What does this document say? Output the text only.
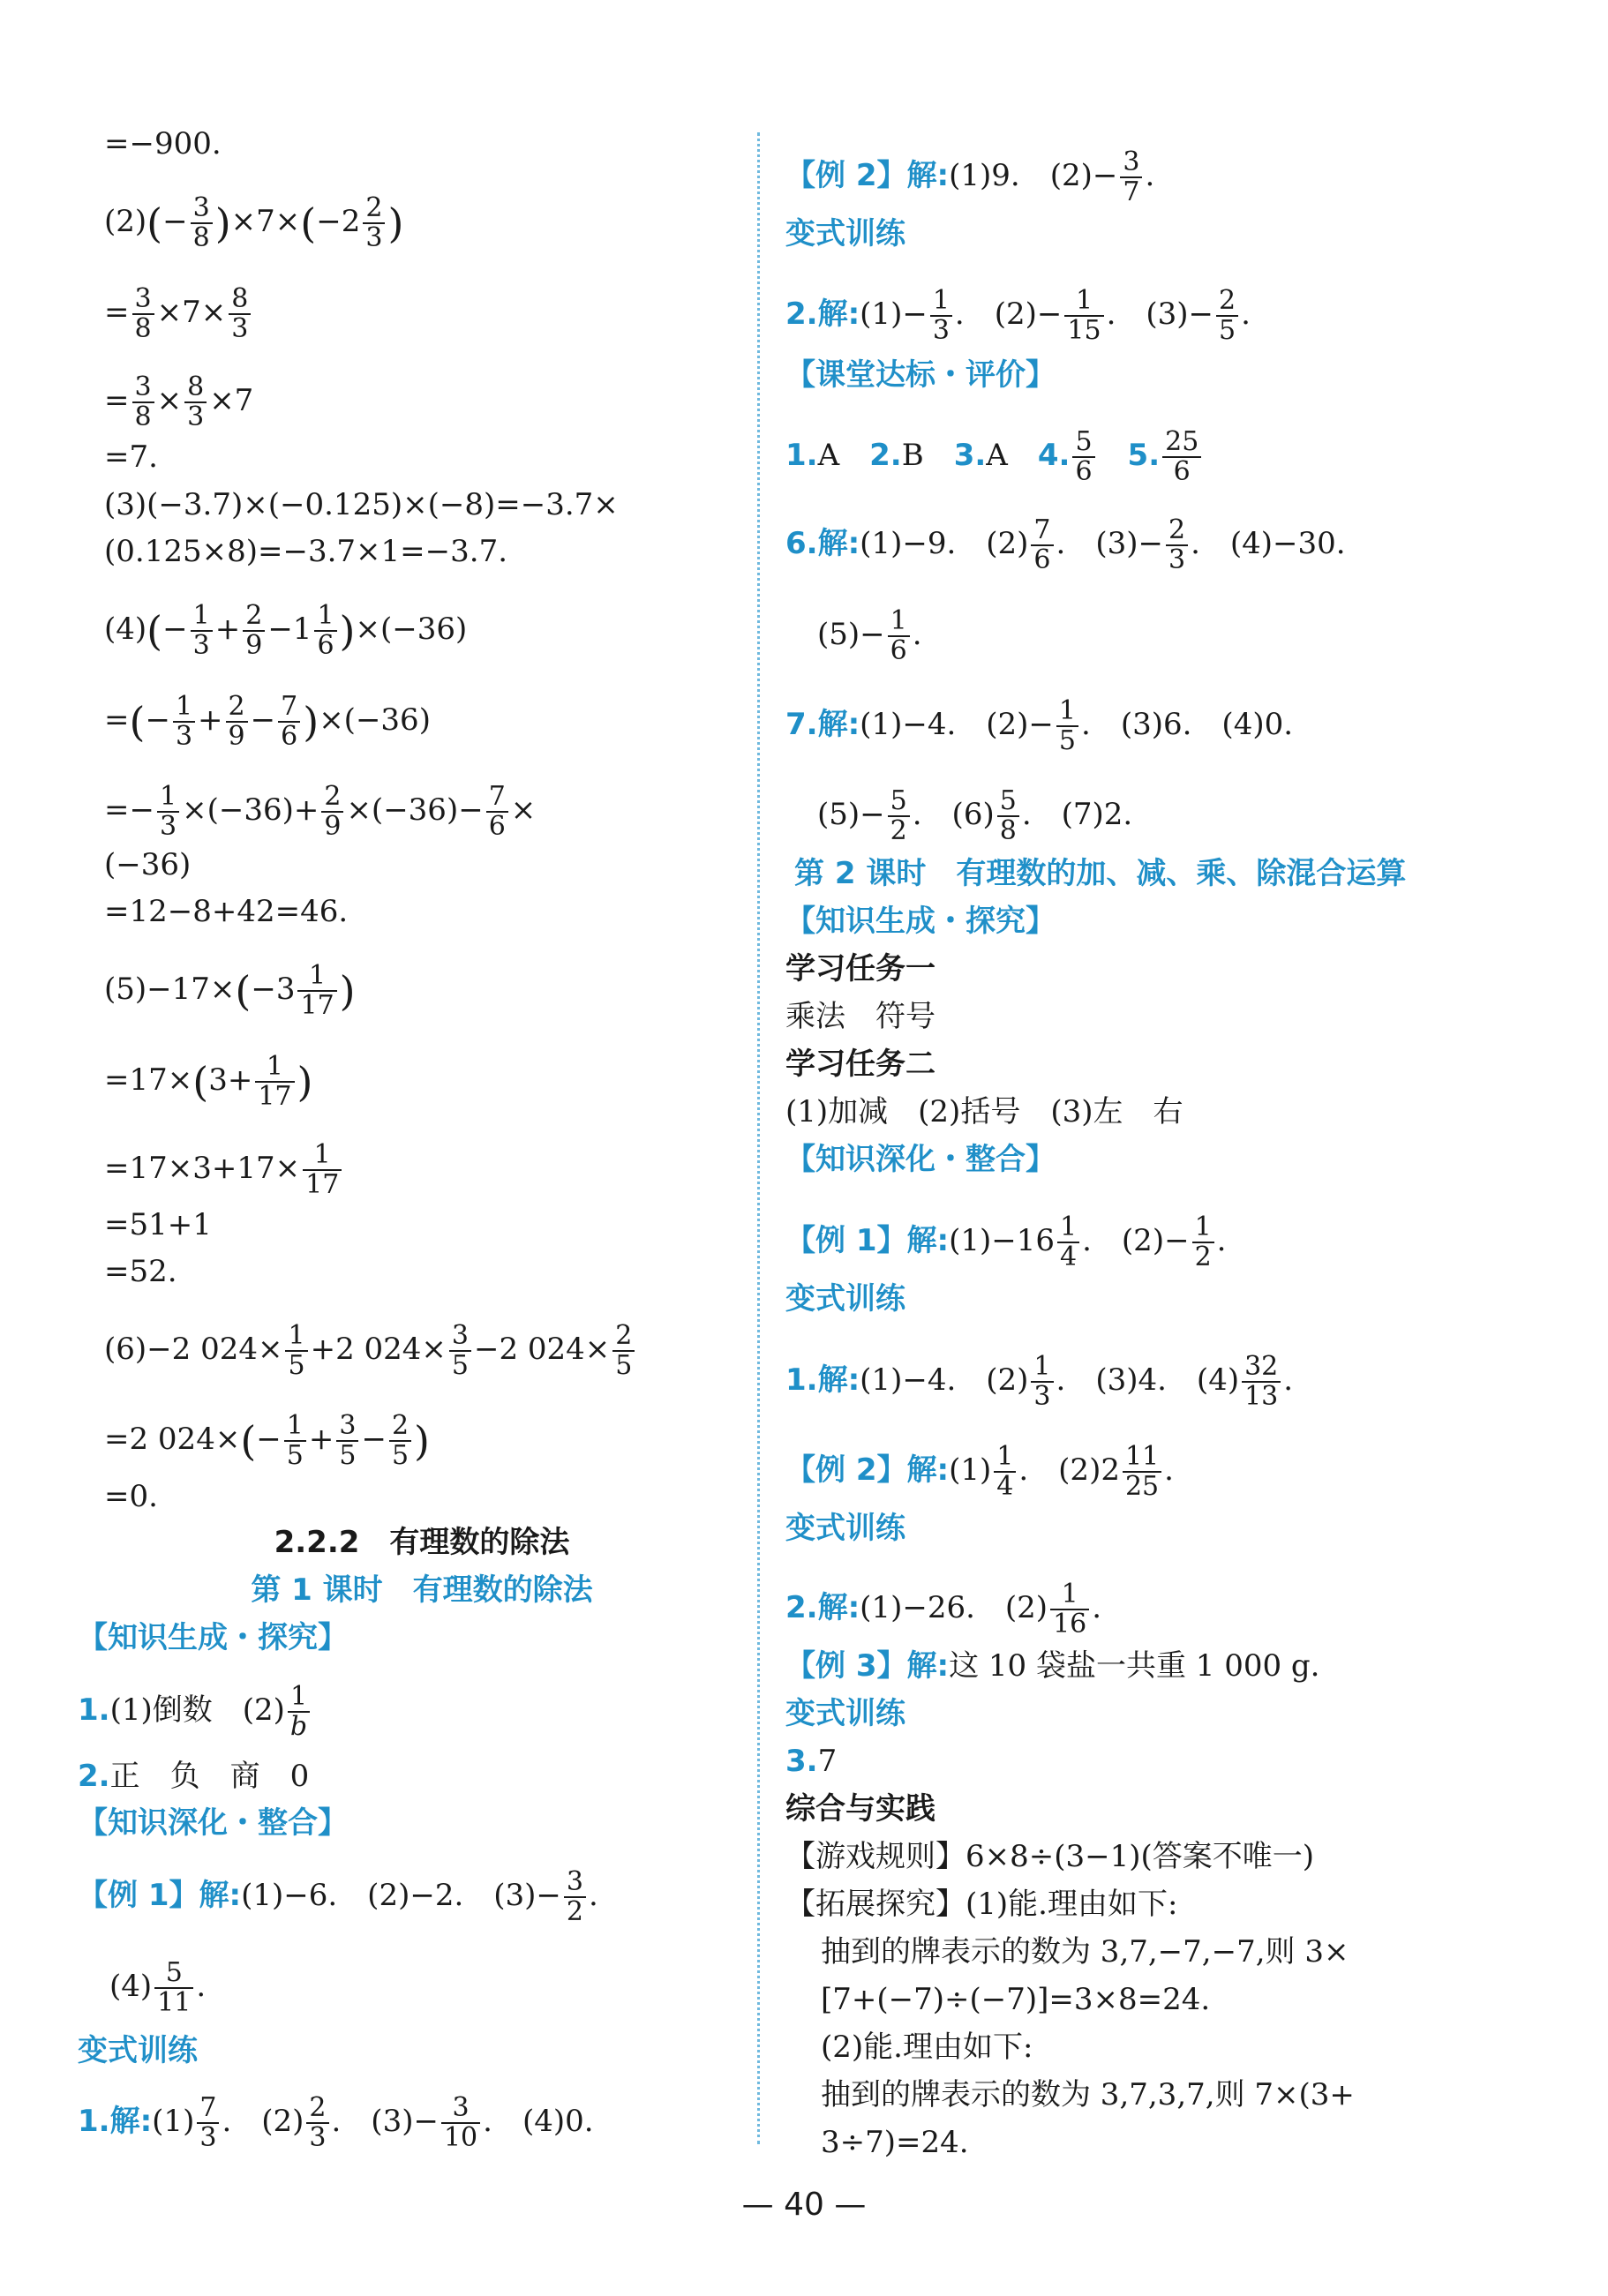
=−900.
$(2)(- \frac{3}{8} )\times 7\times(-2 \frac{2}{3}$ )
= $\frac{3}{8} \times 7\times \frac{8}{3}$
= $\frac{3}{8} \times \frac{8}{3} \times 7$
=7.
(3)(−3.7)×(−0.125)×(−8)=−3.7×
(0.125×8)=−3.7×1=−3.7.
$(4)(- \frac{1}{3} + \frac{2}{9} -1 \frac{1}{6} )\times(-36)$
=(− $\frac{1}{3} + \frac{2}{9} - \frac{7}{6} )\times(-36)$
=− $\frac{1}{3} \times(-36)+ \frac{2}{9} \times(-36)- \frac{7}{6}$ ×
(−36)
=12−8+42=46.
$(5)-17\times(-3 \frac{1}{17}$ )
$=17\times(3+ \frac{1}{17}$ )
$=17\times 3+17\times \frac{1}{17}$
=51+1
=52.
(6)−2 $024\times \frac{1}{5} +2$ $024\times \frac{3}{5} -2$ $024\times \frac{2}{5}$
=2 $024\times(- \frac{1}{5} + \frac{3}{5} - \frac{2}{5}$ )
=0.
2.2.2　有理数的除法
第 1 课时　有理数的除法
【知识生成・探究】
1.(1)倒数　$(2) \frac{1}{b}$
2.正　负　商　0
【知识深化・整合】
【例 1】解:(1)−6.　(2)−2.　$(3)- \frac{3}{2}$ .
$(4) \frac{5}{11}$ .
变式训练
1.解:(1) $\frac{7}{3}$ .　$(2) \frac{2}{3}$ .　$(3)- \frac{3}{10}$ .　(4)0.
【例 2】解:(1)9.　$(2)- \frac{3}{7}$ .
变式训练
2.解:(1)− $\frac{1}{3}$ .　$(2)- \frac{1}{15}$ .　$(3)- \frac{2}{5}$ .
【课堂达标・评价】
1.A　2.B　3.A　4. $\frac{5}{6}$
　 5. $\frac{25}{6}$
6.解:(1)−9.　$(2) \frac{7}{6}$ .　$(3)- \frac{2}{3}$ .　(4)−30.
$(5)- \frac{1}{6}$ .
7.解:(1)−4.　$(2)- \frac{1}{5}$ .　(3)6.　(4)0.
$(5)- \frac{5}{2}$ .　$(6) \frac{5}{8}$ .　(7)2.
第 2 课时　有理数的加、减、乘、除混合运算
【知识生成・探究】
学习任务一
乘法　符号
学习任务二
(1)加减　(2)括号　(3)左　右
【知识深化・整合】
【例 1】解:(1)−16 $\frac{1}{4}$ .　$(2)- \frac{1}{2}$ .
变式训练
1.解:(1)−4.　$(2) \frac{1}{3}$ .　(3)4.　$(4) \frac{32}{13}$ .
【例 2】解:(1) $\frac{1}{4}$ .　$(2)2 \frac{11}{25}$ .
变式训练
2.解:(1)−26.　$(2) \frac{1}{16}$ .
【例 3】解:这 10 袋盐一共重 1 000 g.
变式训练
3.7
综合与实践
【游戏规则】6×8÷(3−1)(答案不唯一)
【拓展探究】(1)能.理由如下:
抽到的牌表示的数为 3,7,−7,−7,则 3×
[7+(−7)÷(−7)]=3×8=24.
(2)能.理由如下:
抽到的牌表示的数为 3,7,3,7,则 7×(3+
3÷7)=24.
— 40 —
